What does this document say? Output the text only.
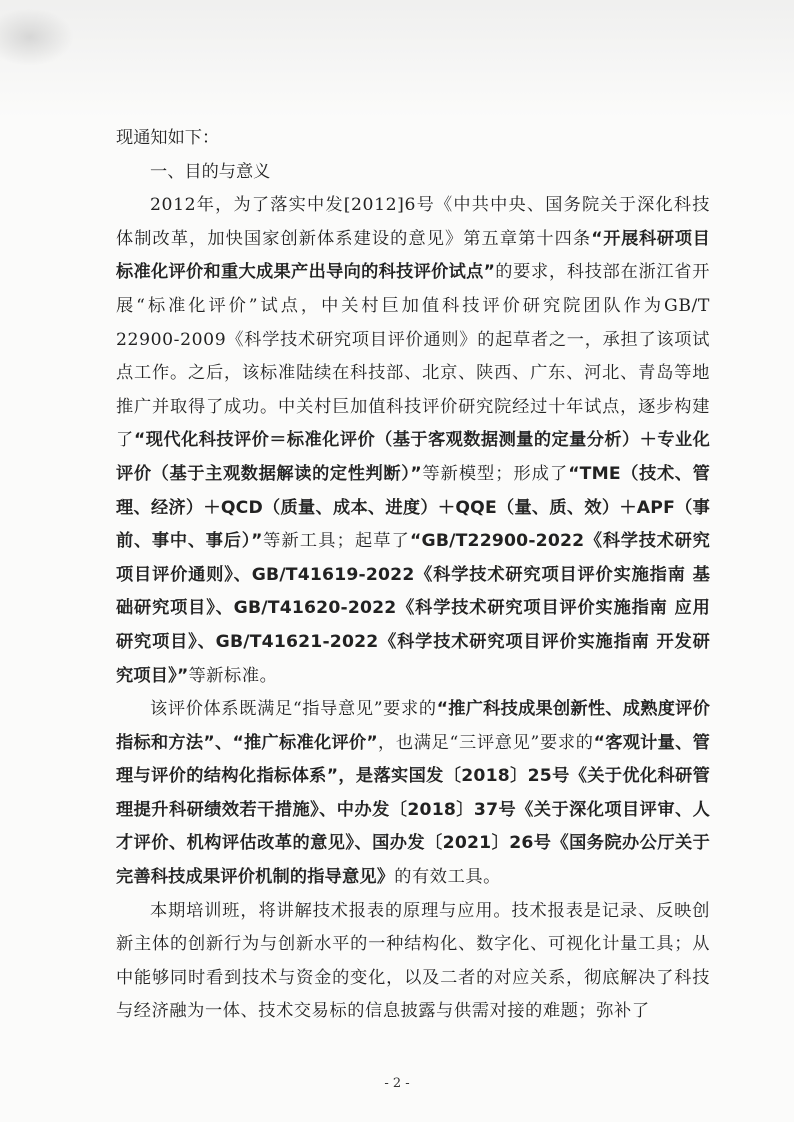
现通知如下：

一、目的与意义

2012年，为了落实中发[2012]6号《中共中央、国务院关于深化科技体制改革，加快国家创新体系建设的意见》第五章第十四条“开展科研项目标准化评价和重大成果产出导向的科技评价试点”的要求，科技部在浙江省开展“标准化评价”试点，中关村巨加值科技评价研究院团队作为GB/T 22900-2009《科学技术研究项目评价通则》的起草者之一，承担了该项试点工作。之后，该标准陆续在科技部、北京、陕西、广东、河北、青岛等地推广并取得了成功。中关村巨加值科技评价研究院经过十年试点，逐步构建了“现代化科技评价＝标准化评价（基于客观数据测量的定量分析）＋专业化评价（基于主观数据解读的定性判断）”等新模型；形成了“TME（技术、管理、经济）＋QCD（质量、成本、进度）＋QQE（量、质、效）＋APF（事前、事中、事后）”等新工具；起草了“GB/T22900-2022《科学技术研究项目评价通则》、GB/T41619-2022《科学技术研究项目评价实施指南 基础研究项目》、GB/T41620-2022《科学技术研究项目评价实施指南 应用研究项目》、GB/T41621-2022《科学技术研究项目评价实施指南 开发研究项目》”等新标准。

该评价体系既满足“指导意见”要求的“推广科技成果创新性、成熟度评价指标和方法”、“推广标准化评价”，也满足“三评意见”要求的“客观计量、管理与评价的结构化指标体系”，是落实国发〔2018〕25号《关于优化科研管理提升科研绩效若干措施》、中办发〔2018〕37号《关于深化项目评审、人才评价、机构评估改革的意见》、国办发〔2021〕26号《国务院办公厅关于完善科技成果评价机制的指导意见》的有效工具。

本期培训班，将讲解技术报表的原理与应用。技术报表是记录、反映创新主体的创新行为与创新水平的一种结构化、数字化、可视化计量工具；从中能够同时看到技术与资金的变化，以及二者的对应关系，彻底解决了科技与经济融为一体、技术交易标的信息披露与供需对接的难题；弥补了

- 2 -
